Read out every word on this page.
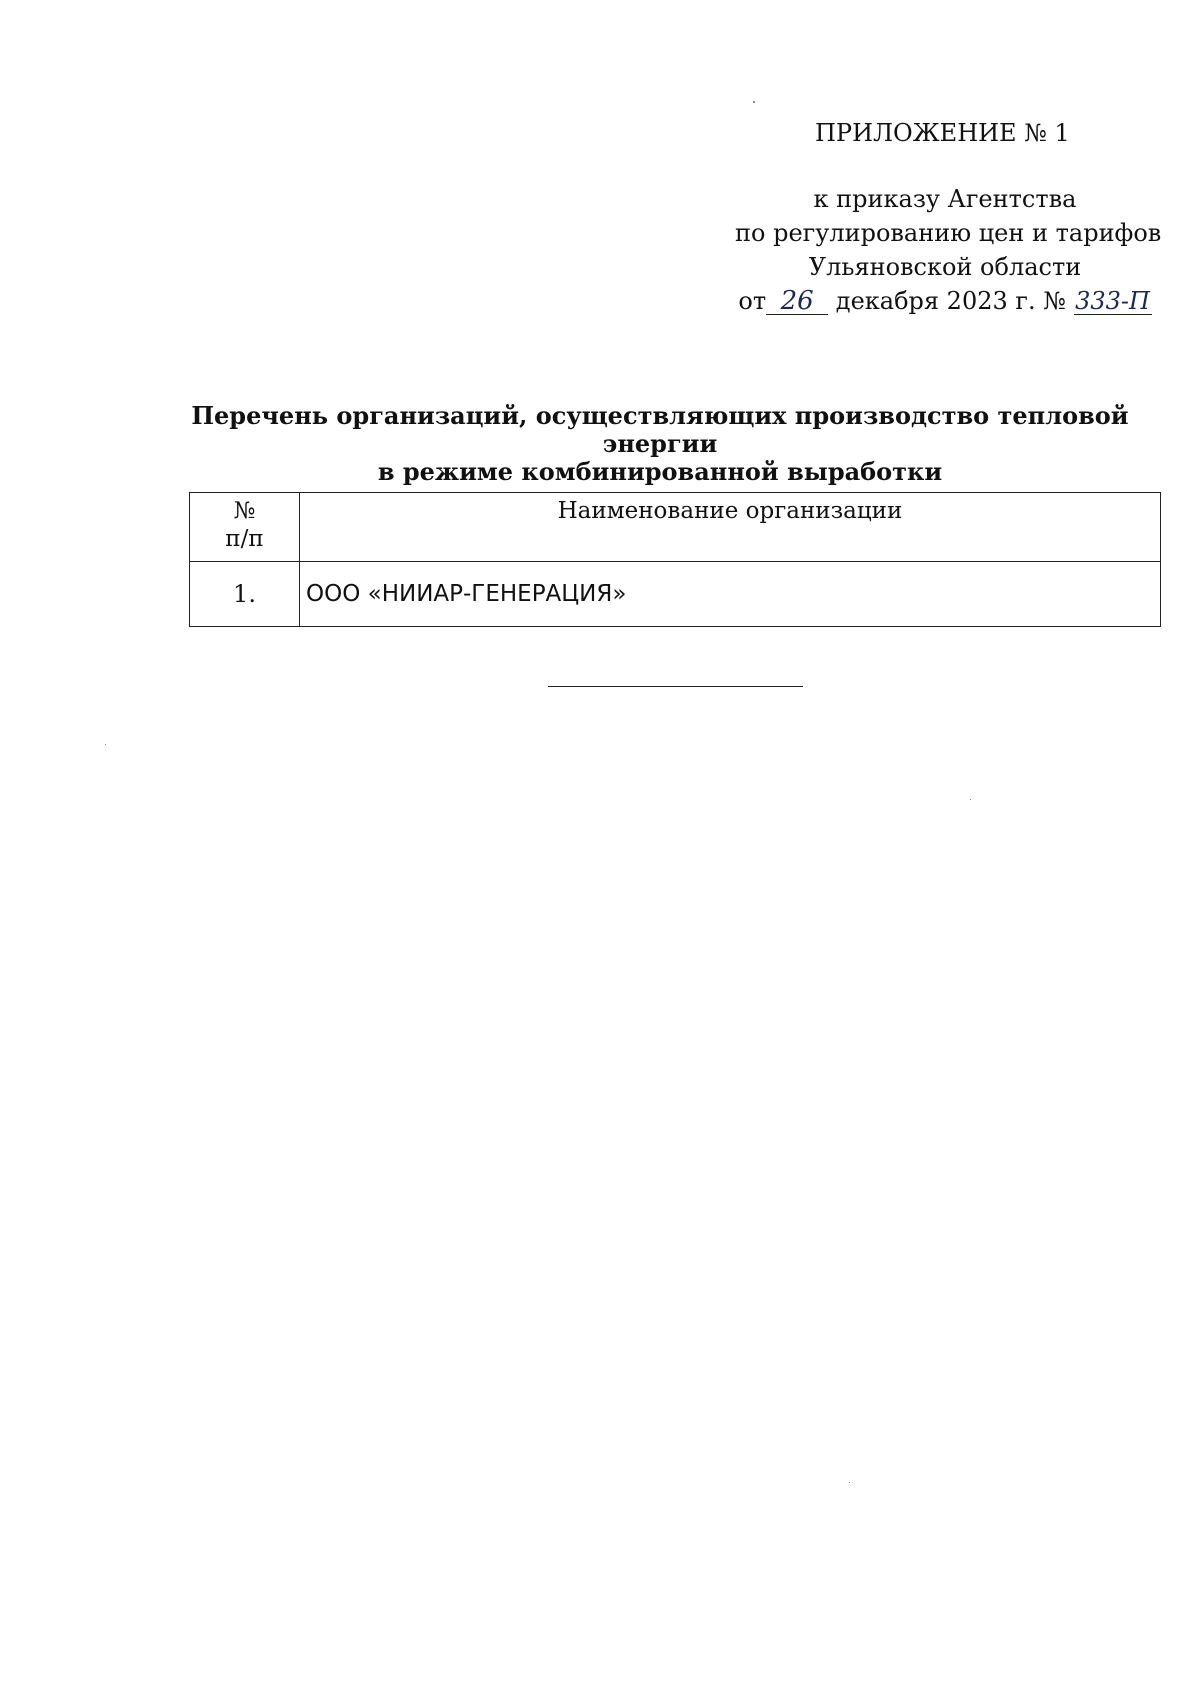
ПРИЛОЖЕНИЕ № 1
к приказу Агентства
по регулированию цен и тарифов
Ульяновской области
от 26 декабря 2023 г. № 333-П
Перечень организаций, осуществляющих производство тепловой энергии
в режиме комбинированной выработки
№
п/п	Наименование организации
1.	ООО «НИИАР-ГЕНЕРАЦИЯ»
